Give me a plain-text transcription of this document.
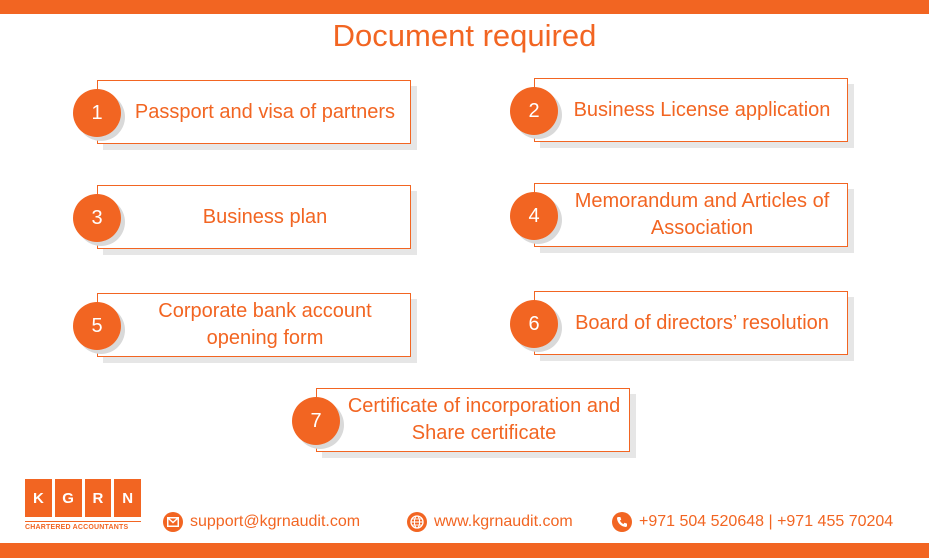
Document required
Passport and visa of partners
1	Business License application
2
Business plan
3
Memorandum and Articles of Association
4
Corporate bank account opening form
5	Board of directors’ resolution
6
Certificate of incorporation and Share certificate
7
K	G	R	N
CHARTERED ACCOUNTANTS	support@kgrnaudit.com	www.kgrnaudit.com	+971 504 520648 | +971 455 70204
